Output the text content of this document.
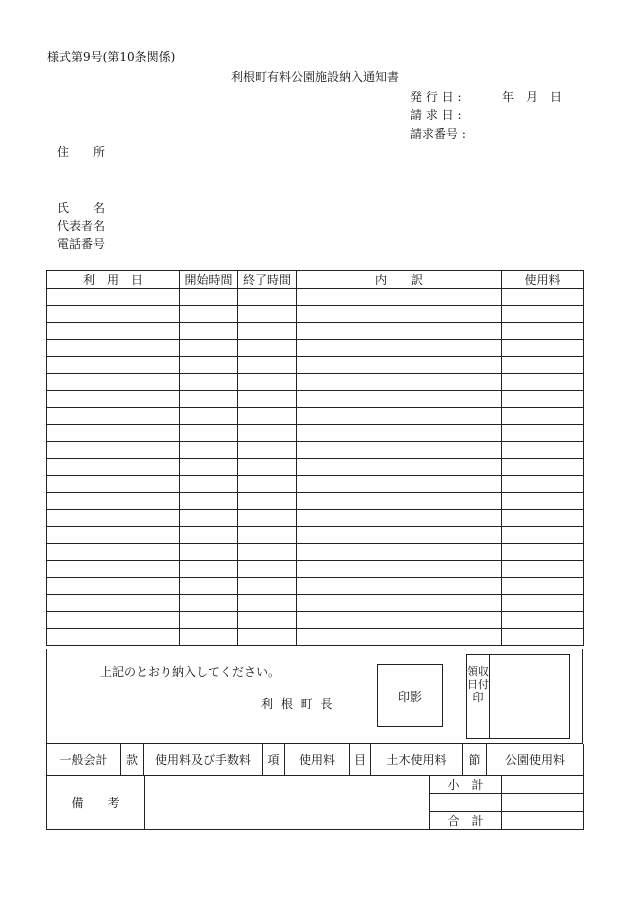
様式第9号(第10条関係)
利根町有料公園施設納入通知書
発 行 日 :	年　月　日
請 求 日 :
請求番号 :
住　　所
氏　　名
代表者名
電話番号
利　用　日	開始時間	終了時間	内　　訳	使用料

上記のとおり納入してください。
利 根 町 長	印影
領収日付印
一般会計	款	使用料及び手数料	項	使用料	目	土木使用料	節	公園使用料
備　　考		小　計	

		合　計	
